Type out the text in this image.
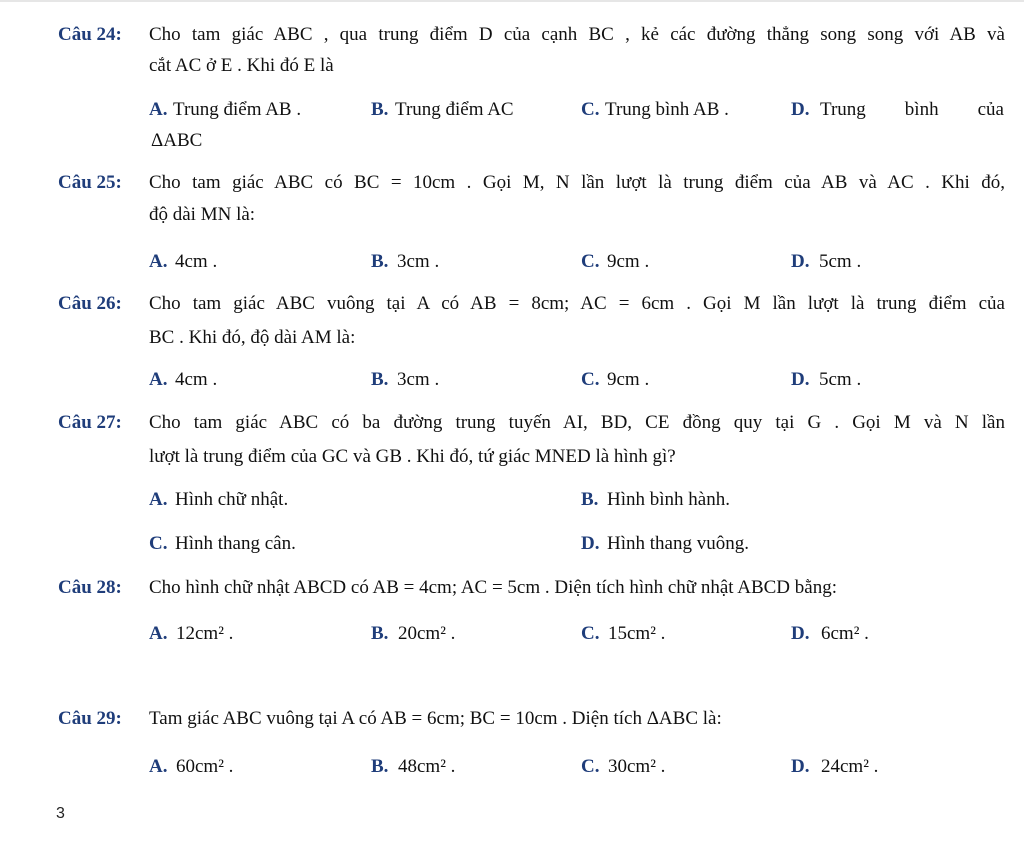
Câu 24: Cho tam giác ABC , qua trung điểm D của cạnh BC , kẻ các đường thẳng song song với AB và
cắt AC ở E . Khi đó E là
A. Trung điểm AB .	B. Trung điểm AC	C. Trung bình AB .	D. Trung bình của
ΔABC
Câu 25: Cho tam giác ABC có BC = 10cm . Gọi M, N lần lượt là trung điểm của AB và AC . Khi đó,
độ dài MN là:
A. 4cm .	B. 3cm .	C. 9cm .	D. 5cm .
Câu 26: Cho tam giác ABC vuông tại A có AB = 8cm; AC = 6cm . Gọi M lần lượt là trung điểm của
BC . Khi đó, độ dài AM là:
A. 4cm .	B. 3cm .	C. 9cm .	D. 5cm .
Câu 27: Cho tam giác ABC có ba đường trung tuyến AI, BD, CE đồng quy tại G . Gọi M và N lần
lượt là trung điểm của GC và GB . Khi đó, tứ giác MNED là hình gì?
A. Hình chữ nhật.	B. Hình bình hành.
C. Hình thang cân.	D. Hình thang vuông.
Câu 28: Cho hình chữ nhật ABCD có AB = 4cm; AC = 5cm . Diện tích hình chữ nhật ABCD bằng:
A. 12cm² .	B. 20cm² .	C. 15cm² .	D. 6cm² .
Câu 29: Tam giác ABC vuông tại A có AB = 6cm; BC = 10cm . Diện tích ΔABC là:
A. 60cm² .	B. 48cm² .	C. 30cm² .	D. 24cm² .
3
